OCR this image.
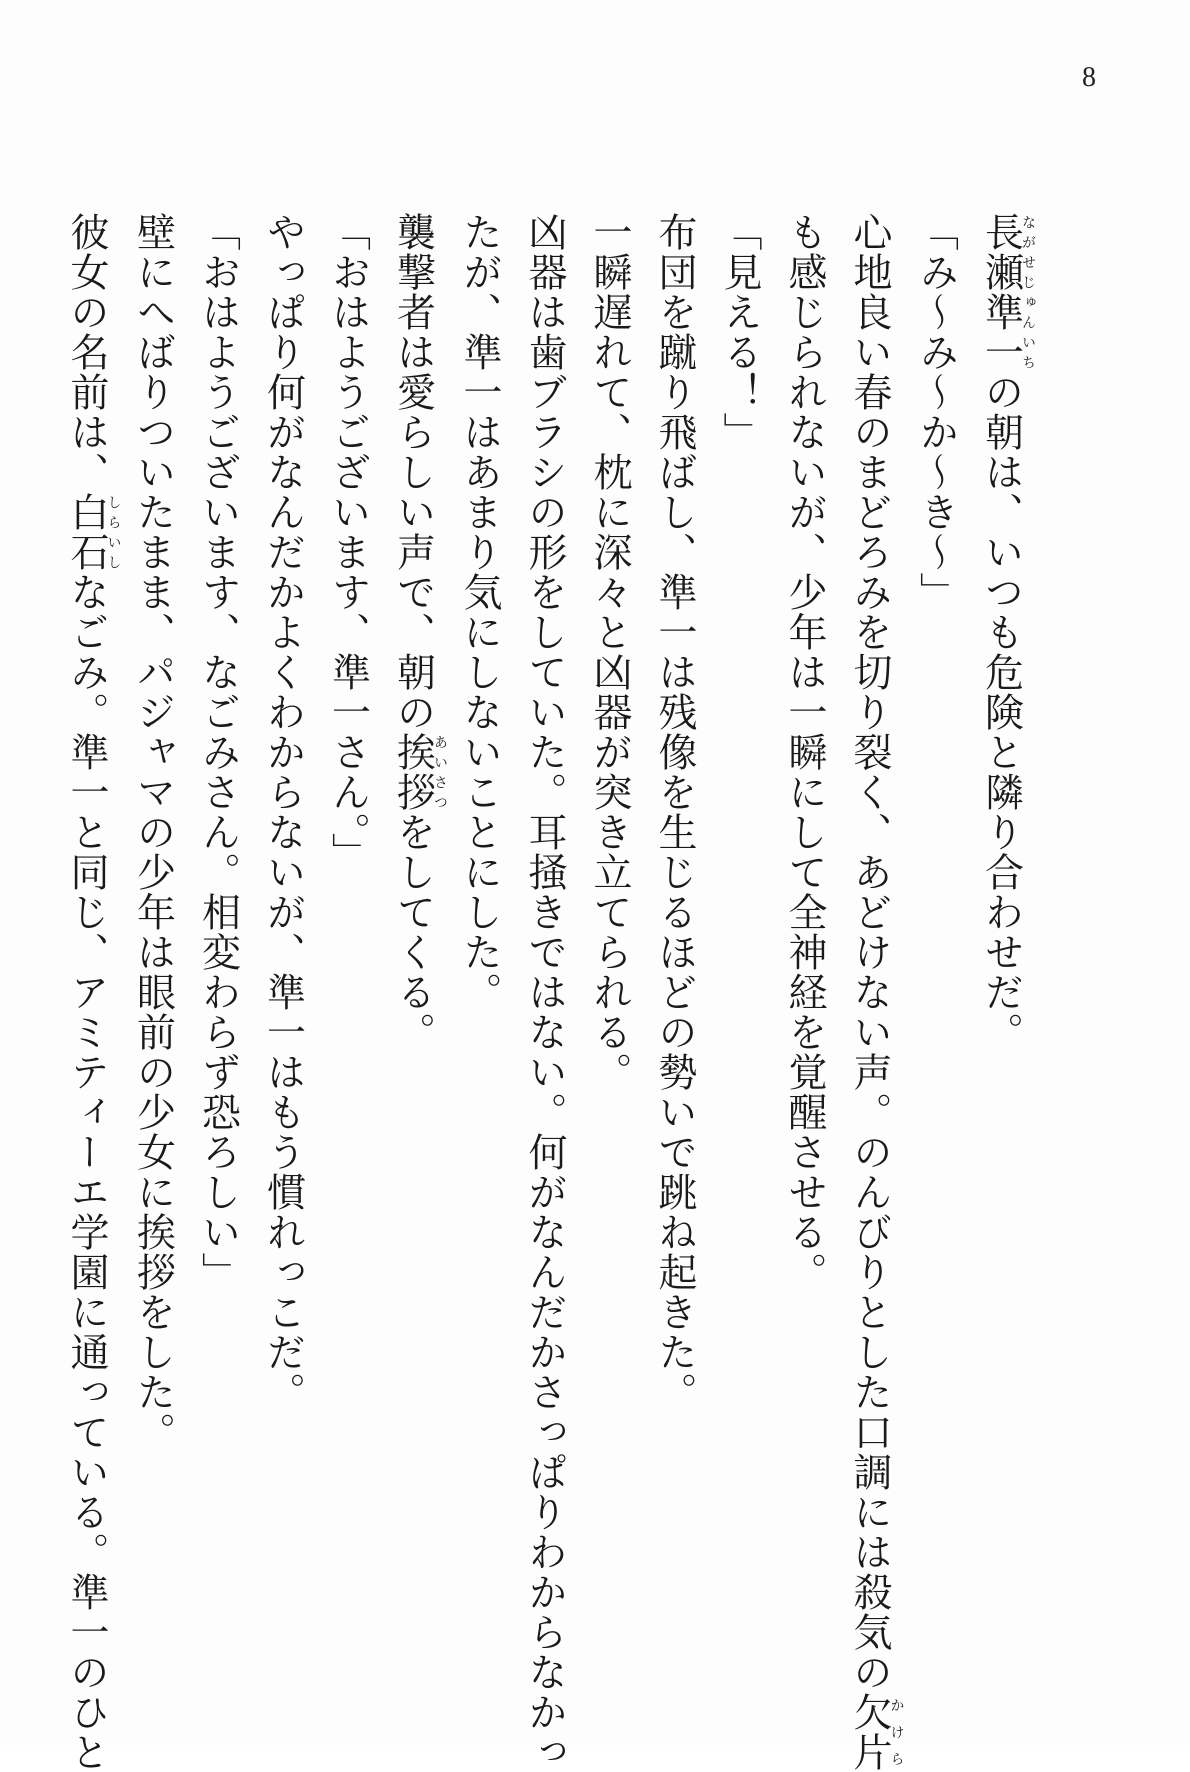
8

長瀬準一ながせじゅんいちの朝は、いつも危険と隣り合わせだ。

「み〜み〜か〜き〜」

心地良い春のまどろみを切り裂く、あどけない声。のんびりとした口調には殺気の欠片かけら

も感じられないが、少年は一瞬にして全神経を覚醒させる。

「見える！」

布団を蹴り飛ばし、準一は残像を生じるほどの勢いで跳ね起きた。

一瞬遅れて、枕に深々と凶器が突き立てられる。

凶器は歯ブラシの形をしていた。耳掻きではない。何がなんだかさっぱりわからなかっ

たが、準一はあまり気にしないことにした。

襲撃者は愛らしい声で、朝の挨拶あいさつをしてくる。

「おはようございます、準一さん。」

やっぱり何がなんだかよくわからないが、準一はもう慣れっこだ。

「おはようございます、なごみさん。相変わらず恐ろしい」

壁にへばりついたまま、パジャマの少年は眼前の少女に挨拶をした。

彼女の名前は、白石しらいしなごみ。準一と同じ、アミティーエ学園に通っている。準一のひと
